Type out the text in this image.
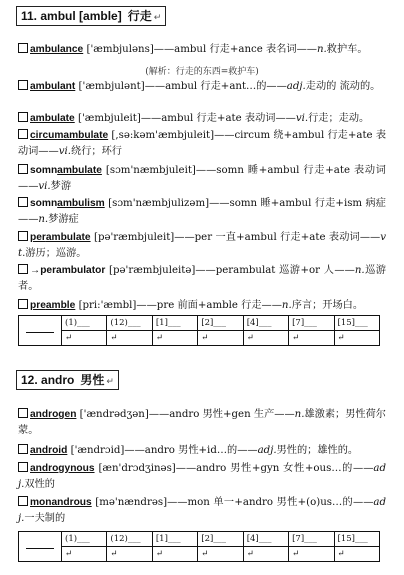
11. ambul [amble] 行走 ↵
ambulance ['æmbjuləns]——ambul 行走+ance 表名词——n.救护车。
(解析：行走的东西=救护车)
ambulant ['æmbjulənt]——ambul 行走+ant…的——adj.走动的 流动的。
ambulate ['æmbjuleit]——ambul 行走+ate 表动词——vi.行走；走动。
circumambulate [,sə:kəm'æmbjuleit]——circum 绕+ambul 行走+ate 表动词——vi.绕行；环行
somnambulate [sɔm'næmbjuleit]——somn 睡+ambul 行走+ate 表动词——vi.梦游
somnambulism [sɔm'næmbjulizəm]——somn 睡+ambul 行走+ism 病症——n.梦游症
perambulate [pə'ræmbjuleit]——per 一直+ambul 行走+ate 表动词——vt.游历；巡游。
→perambulator [pə'ræmbjuleitə]——perambulat 巡游+or 人——n.巡游者。
preamble [pri:'æmbl]——pre 前面+amble 行走——n.序言；开场白。
	(1)___	(12)___	[1]___	[2]___	[4]___	[7]___	[15]___
	↵	↵	↵	↵	↵	↵	↵
12. andro 男性 ↵
androgen ['ændrədʒən]——andro 男性+gen 生产——n.雄激素；男性荷尔蒙。
android ['ændrɔid]——andro 男性+id…的——adj.男性的；雄性的。
androgynous [æn'drɔdʒinəs]——andro 男性+gyn 女性+ous…的——adj.双性的
monandrous [mə'nændrəs]——mon 单一+andro 男性+(o)us…的——adj.一夫制的
	(1)___	(12)___	[1]___	[2]___	[4]___	[7]___	[15]___
	↵	↵	↵	↵	↵	↵	↵
